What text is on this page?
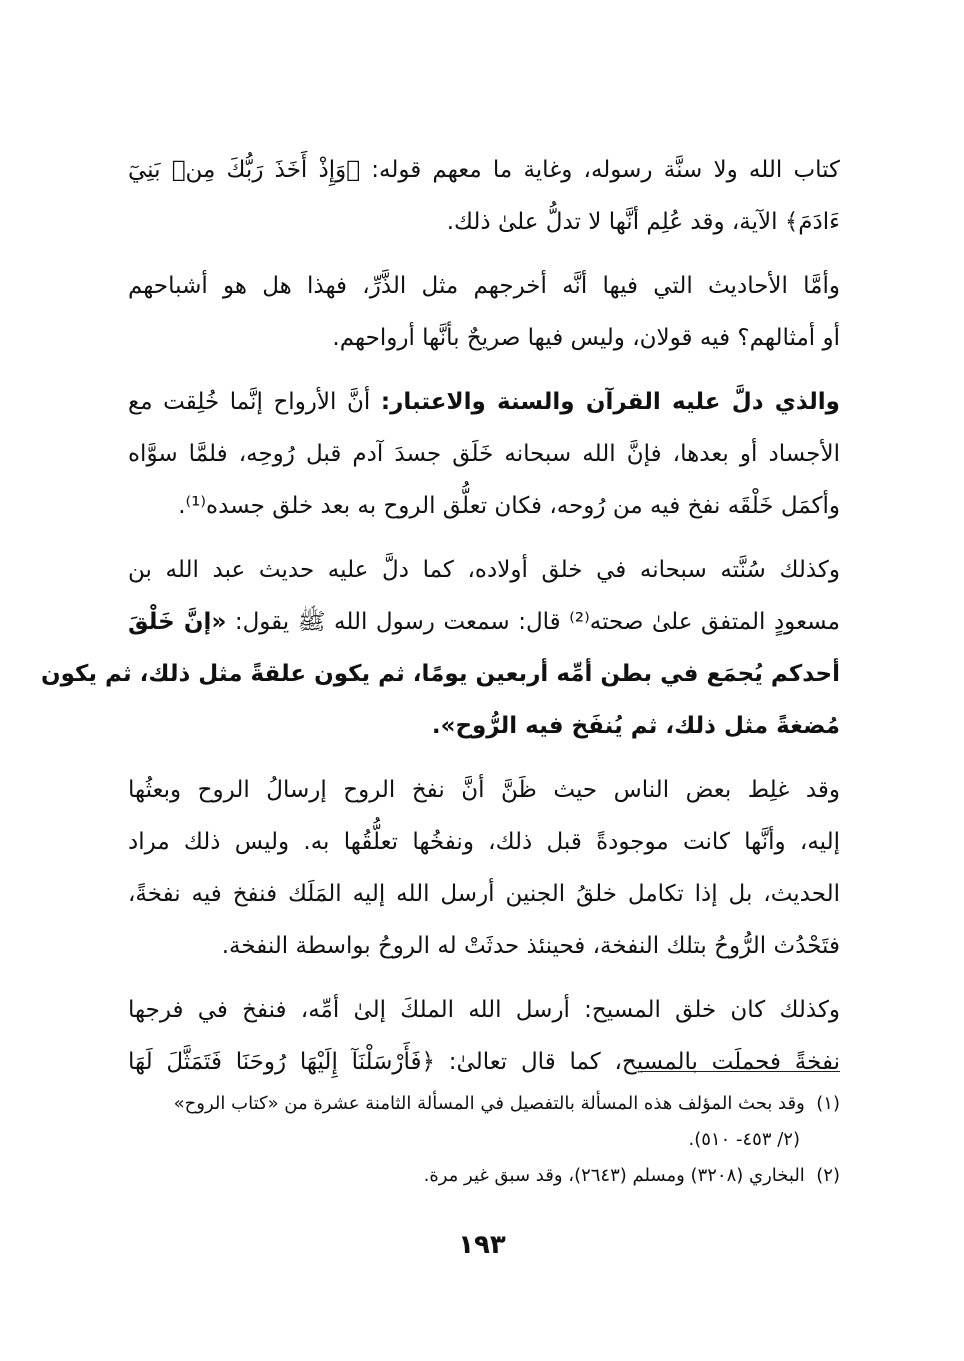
كتاب الله ولا سنَّة رسوله، وغاية ما معهم قوله: ﴿وَإِذْ أَخَذَ رَبُّكَ مِنۢ بَنِيٓ
ءَادَمَ﴾ الآية، وقد عُلِم أنَّها لا تدلُّ علىٰ ذلك.
وأمَّا الأحاديث التي فيها أنَّه أخرجهم مثل الذَّرِّ، فهذا هل هو أشباحهم
أو أمثالهم؟ فيه قولان، وليس فيها صريحٌ بأنَّها أرواحهم.
والذي دلَّ عليه القرآن والسنة والاعتبار: أنَّ الأرواح إنَّما خُلِقت مع
الأجساد أو بعدها، فإنَّ الله سبحانه خَلَق جسدَ آدم قبل رُوحِه، فلمَّا سوَّاه
وأكمَل خَلْقَه نفخ فيه من رُوحه، فكان تعلُّق الروح به بعد خلق جسده⁽¹⁾.
وكذلك سُنَّته سبحانه في خلق أولاده، كما دلَّ عليه حديث عبد الله بن
مسعودٍ المتفق علىٰ صحته⁽²⁾ قال: سمعت رسول الله ﷺ يقول: «إنَّ خَلْقَ
أحدكم يُجمَع في بطن أمِّه أربعين يومًا، ثم يكون علقةً مثل ذلك، ثم يكون
مُضغةً مثل ذلك، ثم يُنفَخ فيه الرُّوح».
وقد غلِط بعض الناس حيث ظَنَّ أنَّ نفخ الروح إرسالُ الروح وبعثُها
إليه، وأنَّها كانت موجودةً قبل ذلك، ونفخُها تعلُّقُها به. وليس ذلك مراد
الحديث، بل إذا تكامل خلقُ الجنين أرسل الله إليه المَلَك فنفخ فيه نفخةً،
فتَحْدُث الرُّوحُ بتلك النفخة، فحينئذ حدثَتْ له الروحُ بواسطة النفخة.
وكذلك كان خلق المسيح: أرسل الله الملكَ إلىٰ أمِّه، فنفخ في فرجها
نفخةً فحملَت بالمسيح، كما قال تعالىٰ: ﴿فَأَرْسَلْنَآ إِلَيْهَا رُوحَنَا فَتَمَثَّلَ لَهَا
(١)  وقد بحث المؤلف هذه المسألة بالتفصيل في المسألة الثامنة عشرة من «كتاب الروح»
(٢/ ٤٥٣- ٥١٠).
(٢)  البخاري (٣٢٠٨) ومسلم (٢٦٤٣)، وقد سبق غير مرة.
١٩٣
